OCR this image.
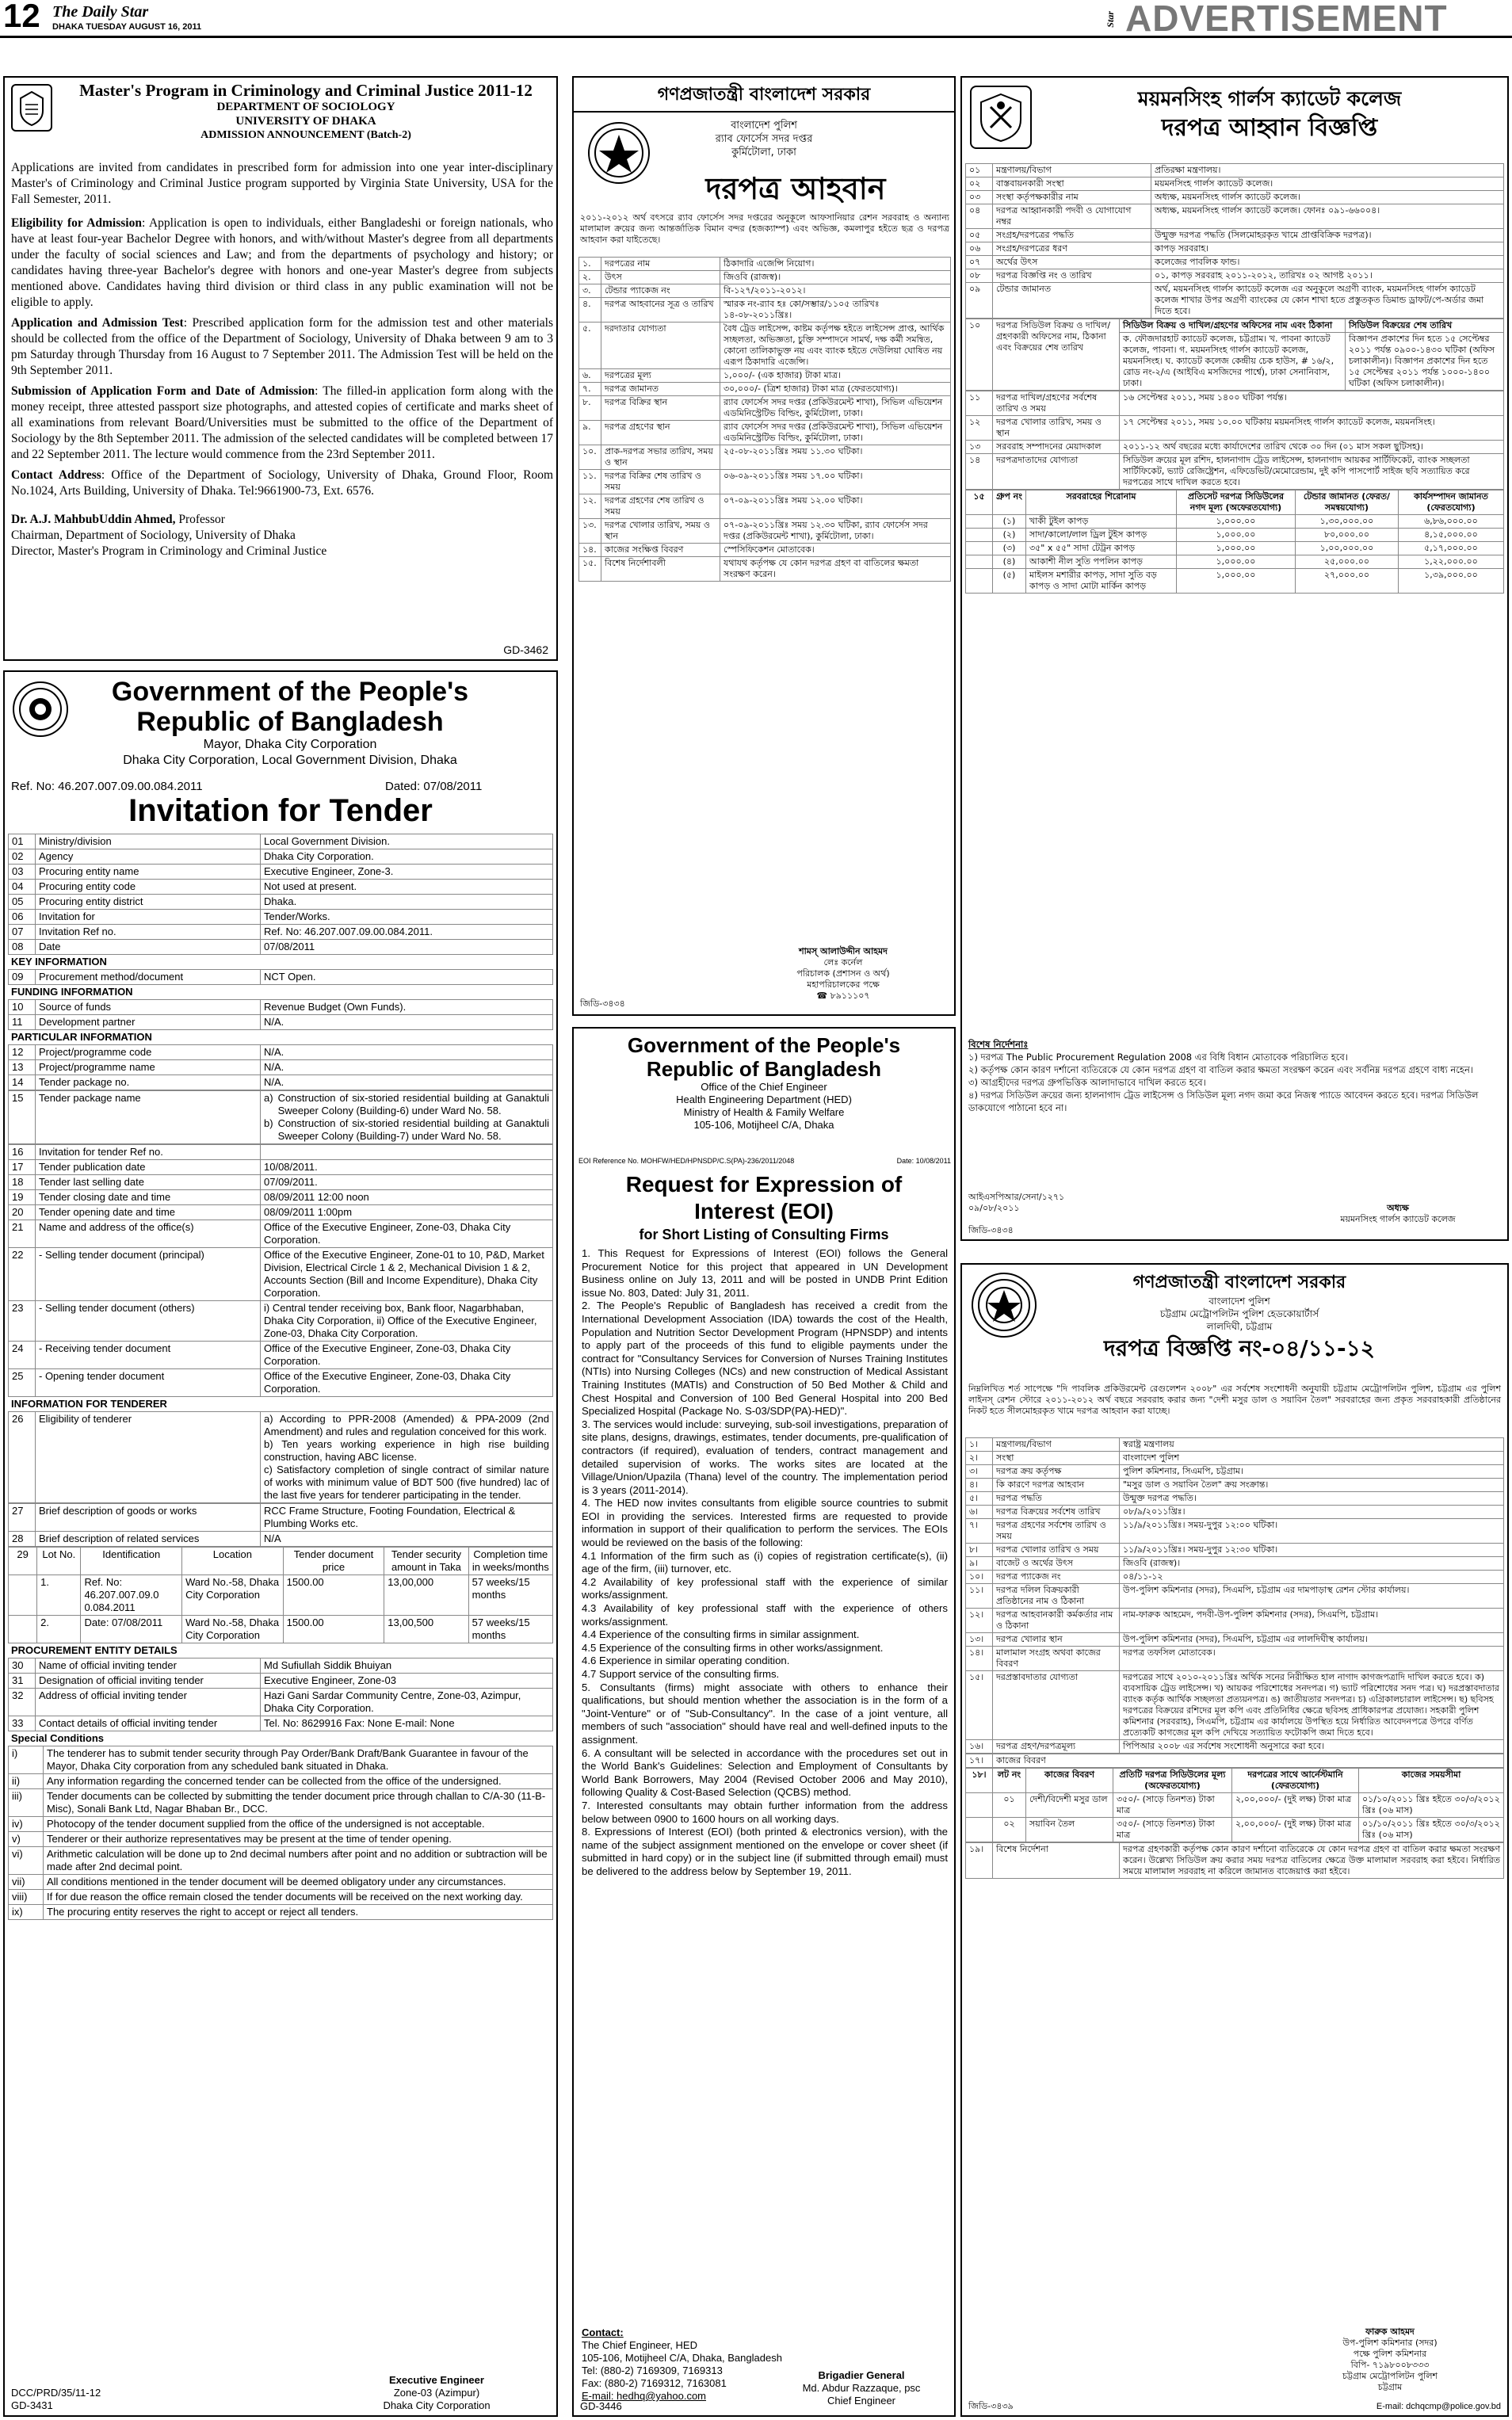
12 The Daily Star
DHAKA TUESDAY AUGUST 16, 2011	Star ADVERTISEMENT
Master's Program in Criminology and Criminal Justice 2011-12
DEPARTMENT OF SOCIOLOGY
UNIVERSITY OF DHAKA
ADMISSION ANNOUNCEMENT (Batch-2)

Applications are invited from candidates in prescribed form for admission into one year inter-disciplinary Master's of Criminology and Criminal Justice program supported by Virginia State University, USA for the Fall Semester, 2011.

Eligibility for Admission: Application is open to individuals, either Bangladeshi or foreign nationals, who have at least four-year Bachelor Degree with honors, and with/without Master's degree from all departments under the faculty of social sciences and Law; and from the departments of psychology and history; or candidates having three-year Bachelor's degree with honors and one-year Master's degree from subjects mentioned above. Candidates having third division or third class in any public examination will not be eligible to apply.

Application and Admission Test: Prescribed application form for the admission test and other materials should be collected from the office of the Department of Sociology, University of Dhaka between 9 am to 3 pm Saturday through Thursday from 16 August to 7 September 2011. The Admission Test will be held on the 9th September 2011.

Submission of Application Form and Date of Admission: The filled-in application form along with the money receipt, three attested passport size photographs, and attested copies of certificate and marks sheet of all examinations from relevant Board/Universities must be submitted to the office of the Department of Sociology by the 8th September 2011. The admission of the selected candidates will be completed between 17 and 22 September 2011. The lecture would commence from the 23rd September 2011.

Contact Address: Office of the Department of Sociology, University of Dhaka, Ground Floor, Room No.1024, Arts Building, University of Dhaka. Tel:9661900-73, Ext. 6576.

Dr. A.J. MahbubUddin Ahmed, Professor

Chairman, Department of Sociology, University of Dhaka

Director, Master's Program in Criminology and Criminal Justice

GD-3462
Government of the People's
Republic of Bangladesh
Mayor, Dhaka City Corporation
Dhaka City Corporation, Local Government Division, Dhaka
Ref. No: 46.207.007.09.00.084.2011	Dated: 07/08/2011
Invitation for Tender
01	Ministry/division	Local Government Division.
02	Agency	Dhaka City Corporation.
03	Procuring entity name	Executive Engineer, Zone-3.
04	Procuring entity code	Not used at present.
05	Procuring entity district	Dhaka.
06	Invitation for	Tender/Works.
07	Invitation Ref no.	Ref. No: 46.207.007.09.00.084.2011.
08	Date	07/08/2011
KEY INFORMATION
09	Procurement method/document	NCT Open.
FUNDING INFORMATION
10	Source of funds	Revenue Budget (Own Funds).
11	Development partner	N/A.
PARTICULAR INFORMATION
12	Project/programme code	N/A.
13	Project/programme name	N/A.
14	Tender package no.	N/A.
15	Tender package name	a) Construction of six-storied residential building at Ganaktuli Sweeper Colony (Building-6) under Ward No. 58.
b) Construction of six-storied residential building at Ganaktuli Sweeper Colony (Building-7) under Ward No. 58.
16	Invitation for tender Ref no.	
17	Tender publication date	10/08/2011.
18	Tender last selling date	07/09/2011.
19	Tender closing date and time	08/09/2011 12:00 noon
20	Tender opening date and time	08/09/2011 1:00pm
21	Name and address of the office(s)	Office of the Executive Engineer, Zone-03, Dhaka City Corporation.
22	- Selling tender document (principal)	Office of the Executive Engineer, Zone-01 to 10, P&D, Market Division, Electrical Circle 1 & 2, Mechanical Division 1 & 2, Accounts Section (Bill and Income Expenditure), Dhaka City Corporation.
23	- Selling tender document (others)	i) Central tender receiving box, Bank floor, Nagarbhaban, Dhaka City Corporation, ii) Office of the Executive Engineer, Zone-03, Dhaka City Corporation.
24	- Receiving tender document	Office of the Executive Engineer, Zone-03, Dhaka City Corporation.
25	- Opening tender document	Office of the Executive Engineer, Zone-03, Dhaka City Corporation.
INFORMATION FOR TENDERER
26	Eligibility of tenderer	a) According to PPR-2008 (Amended) & PPA-2009 (2nd Amendment) and rules and regulation conceived for this work.
b) Ten years working experience in high rise building construction, having ABC license.
c) Satisfactory completion of single contract of similar nature of works with minimum value of BDT 500 (five hundred) lac of the last five years for tenderer participating in the tender.
27	Brief description of goods or works	RCC Frame Structure, Footing Foundation, Electrical & Plumbing Works etc.
28	Brief description of related services	N/A
29	Lot No.	Identification	Location	Tender document price	Tender security amount in Taka	Completion time in weeks/months
	1.	Ref. No: 46.207.007.09.0 0.084.2011	Ward No.-58, Dhaka City Corporation	1500.00	13,00,000	57 weeks/15 months
	2.	Date: 07/08/2011	Ward No.-58, Dhaka City Corporation	1500.00	13,00,500	57 weeks/15 months
PROCUREMENT ENTITY DETAILS
30	Name of official inviting tender	Md Sufiullah Siddik Bhuiyan
31	Designation of official inviting tender	Executive Engineer, Zone-03
32	Address of official inviting tender	Hazi Gani Sardar Community Centre, Zone-03, Azimpur, Dhaka City Corporation.
33	Contact details of official inviting tender	Tel. No: 8629916 Fax: None E-mail: None
Special Conditions
i)	The tenderer has to submit tender security through Pay Order/Bank Draft/Bank Guarantee in favour of the Mayor, Dhaka City corporation from any scheduled bank situated in Dhaka.
ii)	Any information regarding the concerned tender can be collected from the office of the undersigned.
iii)	Tender documents can be collected by submitting the tender document price through challan to C/A-30 (11-B-Misc), Sonali Bank Ltd, Nagar Bhaban Br., DCC.
iv)	Photocopy of the tender document supplied from the office of the undersigned is not acceptable.
v)	Tenderer or their authorize representatives may be present at the time of tender opening.
vi)	Arithmetic calculation will be done up to 2nd decimal numbers after point and no addition or subtraction will be made after 2nd decimal point.
vii)	All conditions mentioned in the tender document will be deemed obligatory under any circumstances.
viii)	If for due reason the office remain closed the tender documents will be received on the next working day.
ix)	The procuring entity reserves the right to accept or reject all tenders.
Executive Engineer
Zone-03 (Azimpur)
Dhaka City Corporation
DCC/PRD/35/11-12
GD-3431
গণপ্রজাতন্ত্রী বাংলাদেশ সরকার
বাংলাদেশ পুলিশ
র‍্যাব ফোর্সেস সদর দপ্তর
কুর্মিটোলা, ঢাকা
দরপত্র আহবান
২০১১-২০১২ অর্থ বৎসরে র‍্যাব ফোর্সেস সদর দপ্তরের অনুকূলে আফসানিয়ার রেশন সরবরাহ ও অন্যান্য মালামাল ক্রয়ের জন্য আন্তর্জাতিক বিমান বন্দর (হজক্যাম্প) এবং অভিজ্ঞ, কমলাপুর হইতে ছত্র ও দরপত্র আহবান করা যাইতেছে।
১.	দরপত্রের নাম	ঠিকাদারি এজেন্সি নিয়োগ।
২.	উৎস	জিওবি (রাজস্ব)।
৩.	টেন্ডার প্যাকেজ নং	বি-১২৭/২০১১-২০১২।
৪.	দরপত্র আহবানের সূত্র ও তারিখ	স্মারক নং-র‍্যাব হঃ কো/সম্ভার/১১০৫ তারিখঃ ১৪-০৮-২০১১খ্রিঃ।
৫.	দরদাতার যোগ্যতা	বৈধ ট্রেড লাইসেন্স, কাষ্টম কর্তৃপক্ষ হইতে লাইসেন্স প্রাপ্ত, আর্থিক সচ্ছলতা, অভিজ্ঞতা, চুক্তি সম্পাদনে সামর্থ, দক্ষ কর্মী সমন্বিত, কোনো তালিকাভুক্ত নয় এবং ব্যাংক হইতে দেউলিয়া ঘোষিত নয় এরূপ ঠিকাদারি এজেন্সি।
৬.	দরপত্রের মূল্য	১,০০০/- (এক হাজার) টাকা মাত্র।
৭.	দরপত্র জামানত	৩০,০০০/- (ত্রিশ হাজার) টাকা মাত্র (ফেরতযোগ্য)।
৮.	দরপত্র বিক্রির স্থান	র‍্যাব ফোর্সেস সদর দপ্তর (প্রকিউরমেন্ট শাখা), সিভিল এভিয়েশন এডমিনিস্ট্রেটিভ বিল্ডিং, কুর্মিটোলা, ঢাকা।
৯.	দরপত্র গ্রহণের স্থান	র‍্যাব ফোর্সেস সদর দপ্তর (প্রকিউরমেন্ট শাখা), সিভিল এভিয়েশন এডমিনিস্ট্রেটিভ বিল্ডিং, কুর্মিটোলা, ঢাকা।
১০.	প্রাক-দরপত্র সভার তারিখ, সময় ও স্থান	২৫-০৮-২০১১খ্রিঃ সময় ১১.৩০ ঘটিকা।
১১.	দরপত্র বিক্রির শেষ তারিখ ও সময়	০৬-০৯-২০১১খ্রিঃ সময় ১৭.০০ ঘটিকা।
১২.	দরপত্র গ্রহণের শেষ তারিখ ও সময়	০৭-০৯-২০১১খ্রিঃ সময় ১২.০০ ঘটিকা।
১৩.	দরপত্র খোলার তারিখ, সময় ও স্থান	০৭-০৯-২০১১খ্রিঃ সময় ১২.৩০ ঘটিকা, র‍্যাব ফোর্সেস সদর দপ্তর (প্রকিউরমেন্ট শাখা), কুর্মিটোলা, ঢাকা।
১৪.	কাজের সংক্ষিপ্ত বিবরণ	স্পেসিফিকেশন মোতাবেক।
১৫.	বিশেষ নির্দেশাবলী	যথাযথ কর্তৃপক্ষ যে কোন দরপত্র গ্রহণ বা বাতিলের ক্ষমতা সংরক্ষণ করেন।
শামস্ আলাউদ্দীন আহমদ
লেঃ কর্নেল
পরিচালক (প্রশাসন ও অর্থ)
মহাপরিচালকের পক্ষে
☎ ৮৯১১১০৭
জিডি-৩৪৩৪
Government of the People's
Republic of Bangladesh
Office of the Chief Engineer
Health Engineering Department (HED)
Ministry of Health & Family Welfare
105-106, Motijheel C/A, Dhaka
EOI Reference No. MOHFW/HED/HPNSDP/C.S(PA)-236/2011/2048	Date: 10/08/2011
Request for Expression of
Interest (EOI)
for Short Listing of Consulting Firms

1. This Request for Expressions of Interest (EOI) follows the General Procurement Notice for this project that appeared in UN Development Business online on July 13, 2011 and will be posted in UNDB Print Edition issue No. 803, Dated: July 31, 2011.

2. The People's Republic of Bangladesh has received a credit from the International Development Association (IDA) towards the cost of the Health, Population and Nutrition Sector Development Program (HPNSDP) and intents to apply part of the proceeds of this fund to eligible payments under the contract for "Consultancy Services for Conversion of Nurses Training Institutes (NTIs) into Nursing Colleges (NCs) and new construction of Medical Assistant Training Institutes (MATIs) and Construction of 50 Bed Mother & Child and Chest Hospital and Conversion of 100 Bed General Hospital into 200 Bed Specialized Hospital (Package No. S-03/SDP(PA)-HED)".

3. The services would include: surveying, sub-soil investigations, preparation of site plans, designs, drawings, estimates, tender documents, pre-qualification of contractors (if required), evaluation of tenders, contract management and detailed supervision of works. The works sites are located at the Village/Union/Upazila (Thana) level of the country. The implementation period is 3 years (2011-2014).

4. The HED now invites consultants from eligible source countries to submit EOI in providing the services. Interested firms are requested to provide information in support of their qualification to perform the services. The EOIs would be reviewed on the basis of the following:

4.1 Information of the firm such as (i) copies of registration certificate(s), (ii) age of the firm, (iii) turnover, etc.

4.2 Availability of key professional staff with the experience of similar works/assignment.

4.3 Availability of key professional staff with the experience of others works/assignment.

4.4 Experience of the consulting firms in similar assignment.

4.5 Experience of the consulting firms in other works/assignment.

4.6 Experience in similar operating condition.

4.7 Support service of the consulting firms.

5. Consultants (firms) might associate with others to enhance their qualifications, but should mention whether the association is in the form of a "Joint-Venture" or of "Sub-Consultancy". In the case of a joint venture, all members of such "association" should have real and well-defined inputs to the assignment.

6. A consultant will be selected in accordance with the procedures set out in the World Bank's Guidelines: Selection and Employment of Consultants by World Bank Borrowers, May 2004 (Revised October 2006 and May 2010), following Quality & Cost-Based Selection (QCBS) method.

7. Interested consultants may obtain further information from the address below between 0900 to 1600 hours on all working days.

8. Expressions of Interest (EOI) (both printed & electronics version), with the name of the subject assignment mentioned on the envelope or cover sheet (if submitted in hard copy) or in the subject line (if submitted through email) must be delivered to the address below by September 19, 2011.

Contact:
The Chief Engineer, HED
105-106, Motijheel C/A, Dhaka, Bangladesh
Tel: (880-2) 7169309, 7169313
Fax: (880-2) 7169312, 7163081
E-mail: hedhq@yahoo.com
Brigadier General
Md. Abdur Razzaque, psc
Chief Engineer
GD-3446
ময়মনসিংহ গার্লস ক্যাডেট কলেজ
দরপত্র আহ্বান বিজ্ঞপ্তি
০১	মন্ত্রণালয়/বিভাগ	প্রতিরক্ষা মন্ত্রণালয়।
০২	বাস্তবায়নকারী সংস্থা	ময়মনসিংহ গার্লস ক্যাডেট কলেজ।
০৩	সংস্থা কর্তৃপক্ষকারীর নাম	অধ্যক্ষ, ময়মনসিংহ গার্লস ক্যাডেট কলেজ।
০৪	দরপত্র আহ্বানকারী পদবী ও যোগাযোগ নম্বর	অধ্যক্ষ, ময়মনসিংহ গার্লস ক্যাডেট কলেজ। ফোনঃ ০৯১-৬৬০০৪।
০৫	সংগ্রহ/দরপত্রের পদ্ধতি	উন্মুক্ত দরপত্র পদ্ধতি (সিলমোহরকৃত খামে প্রাপ্তবিক্রিক দরপত্র)।
০৬	সংগ্রহ/দরপত্রের ধরণ	কাপড় সরবরাহ।
০৭	অর্থের উৎস	কলেজের পাবলিক ফান্ড।
০৮	দরপত্র বিজ্ঞপ্তি নং ও তারিখ	০১, কাপড় সরবরাহ ২০১১-২০১২, তারিখঃ ০২ আগষ্ট ২০১১।
০৯	টেন্ডার জামানত	অর্থ, ময়মনসিংহ গার্লস ক্যাডেট কলেজ এর অনুকূলে অগ্রণী ব্যাংক, ময়মনসিংহ গার্লস ক্যাডেট কলেজ শাখার উপর অগ্রণী ব্যাংকের যে কোন শাখা হতে প্রস্তুতকৃত ডিমান্ড ড্রাফট/পে-অর্ডার জমা দিতে হবে।
১০	দরপত্র সিডিউল বিক্রয় ও দাখিল/গ্রহণকারী অফিসের নাম, ঠিকানা এবং বিক্রয়ের শেষ তারিখ	সিডিউল বিক্রয় ও দাখিল/গ্রহণের অফিসের নাম এবং ঠিকানা	সিডিউল বিক্রয়ের শেষ তারিখ
		ক. ফৌজদারহাট ক্যাডেট কলেজ, চট্টগ্রাম। খ. পাবনা ক্যাডেট কলেজ, পাবনা। গ. ময়মনসিংহ গার্লস ক্যাডেট কলেজ, ময়মনসিংহ। ঘ. ক্যাডেট কলেজ কেন্দ্রীয় চেক হাউস, # ১৬/২, রোড নং-২/এ (আইবিএ মসজিদের পার্শ্বে), ঢাকা সেনানিবাস, ঢাকা।	বিজ্ঞাপন প্রকাশের দিন হতে ১৫ সেপ্টেম্বর ২০১১ পর্যন্ত ০৯০০-১৪৩০ ঘটিকা (অফিস চলাকালীন)। বিজ্ঞাপন প্রকাশের দিন হতে ১৫ সেপ্টেম্বর ২০১১ পর্যন্ত ১০০০-১৪০০ ঘটিকা (অফিস চলাকালীন)।
১১	দরপত্র দাখিল/গ্রহণের সর্বশেষ তারিখ ও সময়	১৬ সেপ্টেম্বর ২০১১, সময় ১৪০০ ঘটিকা পর্যন্ত।
১২	দরপত্র খোলার তারিখ, সময় ও স্থান	১৭ সেপ্টেম্বর ২০১১, সময় ১০.০০ ঘটিকায় ময়মনসিংহ গার্লস ক্যাডেট কলেজ, ময়মনসিংহ।
১৩	সরবরাহ সম্পাদনের মেয়াদকাল	২০১১-১২ অর্থ বছরের মধ্যে কার্যাদেশের তারিখ থেকে ৩০ দিন (০১ মাস সকল ছুটিসহ)।
১৪	দরপত্রদাতাদের যোগ্যতা	সিডিউল ক্রয়ের মূল রশিদ, হালনাগাদ ট্রেড লাইসেন্স, হালনাগাদ আয়কর সার্টিফিকেট, ব্যাংক সচ্ছলতা সার্টিফিকেট, ভ্যাট রেজিষ্ট্রেশন, এফিডেভিট/মেমোরেন্ডাম, দুই কপি পাসপোর্ট সাইজ ছবি সত্যায়িত করে দরপত্রের সাথে দাখিল করতে হবে।
১৫	গ্রুপ নং	সরবরাহের শিরোনাম	প্রতিসেট দরপত্র সিডিউলের নগদ মূল্য (অফেরতযোগ্য)	টেন্ডার জামানত (ফেরত/সমন্বয়যোগ্য)	কার্যসম্পাদন জামানত (ফেরতযোগ্য)
	(১)	খাকী টুইল কাপড়	১,০০০.০০	১,৩০,০০০.০০	৬,৮৬,০০০.০০
	(২)	সাদা/কালো/লাল ড্রিল টুইস কাপড়	১,০০০.০০	৮০,০০০.০০	৪,১৫,০০০.০০
	(৩)	৩৫" x ৫৫" সাদা টেট্রন কাপড়	১,০০০.০০	১,০০,০০০.০০	৫,১৭,০০০.০০
	(৪)	আকাশী নীল সুতি পপলিন কাপড়	১,০০০.০০	২৫,০০০.০০	১,২২,০০০.০০
	(৫)	মাইলস মশারীর কাপড়, সাদা সুতি বড় কাপড় ও সাদা মোটা মার্কিন কাপড়	১,০০০.০০	২৭,০০০.০০	১,৩৯,০০০.০০
বিশেষ নির্দেশনাঃ
১) দরপত্র The Public Procurement Regulation 2008 এর বিধি বিধান মোতাবেক পরিচালিত হবে।
২) কর্তৃপক্ষ কোন কারণ দর্শানো ব্যতিরেকে যে কোন দরপত্র গ্রহণ বা বাতিল করার ক্ষমতা সংরক্ষণ করেন এবং সর্বনিম্ন দরপত্র গ্রহণে বাধ্য নহেন।
৩) আগ্রহীদের দরপত্র গ্রুপভিত্তিক আলাদাভাবে দাখিল করতে হবে।
৪) দরপত্র সিডিউল ক্রয়ের জন্য হালনাগাদ ট্রেড লাইসেন্স ও সিডিউল মূল্য নগদ জমা করে নিজস্ব প্যাডে আবেদন করতে হবে। দরপত্র সিডিউল ডাকযোগে পাঠানো হবে না।
আইএসপিআর/সেনা/১২৭১
০৯/০৮/২০১১	অধ্যক্ষ
ময়মনসিংহ গার্লস ক্যাডেট কলেজ
জিডি-৩৪৩৪
গণপ্রজাতন্ত্রী বাংলাদেশ সরকার
বাংলাদেশ পুলিশ
চট্টগ্রাম মেট্রোপলিটন পুলিশ হেডকোয়ার্টার্স
লালদিঘী, চট্টগ্রাম
দরপত্র বিজ্ঞপ্তি নং-০৪/১১-১২
নিম্নলিখিত শর্ত সাপেক্ষে "দি পাবলিক প্রকিউরমেন্ট রেগুলেশন ২০০৮" এর সর্বশেষ সংশোধনী অনুযায়ী চট্টগ্রাম মেট্রোপলিটন পুলিশ, চট্টগ্রাম এর পুলিশ লাইনস্ রেশন স্টোরে ২০১১-২০১২ অর্থ বছরে সরবরাহ করার জন্য "দেশী মসুর ডাল ও সয়াবিন তৈল" সরবরাহের জন্য প্রকৃত সরবরাহকারী প্রতিষ্ঠানের নিকট হতে সীলমোহরকৃত খামে দরপত্র আহবান করা যাচ্ছে।
১।	মন্ত্রণালয়/বিভাগ	স্বরাষ্ট্র মন্ত্রণালয়
২।	সংস্থা	বাংলাদেশ পুলিশ
৩।	দরপত্র ক্রয় কর্তৃপক্ষ	পুলিশ কমিশনার, সিএমপি, চট্টগ্রাম।
৪।	কি কারণে দরপত্র আহবান	"মসুর ডাল ও সয়াবিন তৈল" ক্রয় সংক্রান্ত।
৫।	দরপত্র পদ্ধতি	উন্মুক্ত দরপত্র পদ্ধতি।
৬।	দরপত্র বিক্রয়ের সর্বশেষ তারিখ	০৮/৯/২০১১খ্রিঃ।
৭।	দরপত্র গ্রহণের সর্বশেষ তারিখ ও সময়	১১/৯/২০১১খ্রিঃ। সময়-দুপুর ১২:০০ ঘটিকা।
৮।	দরপত্র খোলার তারিখ ও সময়	১১/৯/২০১১খ্রিঃ। সময়-দুপুর ১২:৩০ ঘটিকা।
৯।	বাজেট ও অর্থের উৎস	জিওবি (রাজস্ব)।
১০।	দরপত্র প্যাকেজ নং	০৪/১১-১২
১১।	দরপত্র দলিল বিক্রয়কারী প্রতিষ্ঠানের নাম ও ঠিকানা	উপ-পুলিশ কমিশনার (সদর), সিএমপি, চট্টগ্রাম এর দামপাড়াস্থ রেশন স্টোর কার্যালয়।
১২।	দরপত্র আহবানকারী কর্মকর্তার নাম ও ঠিকানা	নাম-ফারুক আহমেদ, পদবী-উপ-পুলিশ কমিশনার (সদর), সিএমপি, চট্টগ্রাম।
১৩।	দরপত্র খোলার স্থান	উপ-পুলিশ কমিশনার (সদর), সিএমপি, চট্টগ্রাম এর লালদিঘীস্থ কার্যালয়।
১৪।	মালামাল সংগ্রহ অথবা কাজের বিবরণ	দরপত্র তফসিল মোতাবেক।
১৫।	দরপ্রস্তাবদাতার যোগ্যতা	দরপত্রের সাথে ২০১০-২০১১খ্রিঃ অর্থিক সনের নিরীক্ষিত হাল নাগাদ কাগজপত্রাদি দাখিল করতে হবে। ক) ব্যবসায়িক ট্রেড লাইসেন্স। খ) আয়কর পরিশোধের সনদপত্র। গ) ভ্যাট পরিশোধের সনদ পত্র। ঘ) দরপ্রস্তাবদাতার ব্যাংক কর্তৃক আর্থিক সচ্ছলতা প্রত্যয়নপত্র। ঙ) জাতীয়তার সনদপত্র। চ) এগ্রিকালচারাল লাইসেন্স। ছ) ছবিসহ দরপত্রের বিক্রয়ের রশিদের মূল কপি এবং প্রতিনিধির ক্ষেত্রে ছবিসহ প্রাধিকারপত্র প্রযোজ্য। সহকারী পুলিশ কমিশনার (সরবরাহ), সিএমপি, চট্টগ্রাম এর কার্যালয়ে উপস্থিত হয়ে নির্ধারিত আবেদনপত্রে উপরে বর্ণিত প্রত্যেকটি কাগজের মূল কপি দেখিয়ে সত্যায়িত ফটোকপি জমা দিতে হবে।
১৬।	দরপত্র গ্রহণ/দরপত্রমূল্য	পিপিআর ২০০৮ এর সর্বশেষ সংশোধনী অনুসারে করা হবে।
১৭।	কাজের বিবরণ
১৮।	লট নং	কাজের বিবরণ	প্রতিটি দরপত্র সিডিউলের মূল্য (অফেরতযোগ্য)	দরপত্রের সাথে আর্নেস্টমানি (ফেরতযোগ্য)	কাজের সময়সীমা
	০১	দেশী/বিদেশী মসুর ডাল	৩৫০/- (সাড়ে তিনশত) টাকা মাত্র	২,০০,০০০/- (দুই লক্ষ) টাকা মাত্র	০১/১০/২০১১ খ্রিঃ হইতে ৩০/৩/২০১২ খ্রিঃ (০৬ মাস)
	০২	সয়াবিন তৈল	৩৫০/- (সাড়ে তিনশত) টাকা মাত্র	২,০০,০০০/- (দুই লক্ষ) টাকা মাত্র	০১/১০/২০১১ খ্রিঃ হইতে ৩০/৩/২০১২ খ্রিঃ (০৬ মাস)
১৯।	বিশেষ নির্দেশনা	দরপত্র গ্রহণকারী কর্তৃপক্ষ কোন কারণ দর্শানো ব্যতিরেকে যে কোন দরপত্র গ্রহণ বা বাতিল করার ক্ষমতা সংরক্ষণ করেন। উল্লেখ্য সিডিউল ক্রয় করার সময় দরপত্র বাতিলের ক্ষেত্রে উক্ত মালামাল সরবরাহ করা হইবে। নির্ধারিত সময়ে মালামাল সরবরাহ না করিলে জামানত বাজেয়াপ্ত করা হইবে।
ফারুক আহমদ
উপ-পুলিশ কমিশনার (সদর)
পক্ষে পুলিশ কমিশনার
বিপি- ৭১৯৮০০৮৩৩৩
চট্টগ্রাম মেট্রোপলিটন পুলিশ
চট্টগ্রাম
জিডি-৩৪৩৯	E-mail: dchqcmp@police.gov.bd
